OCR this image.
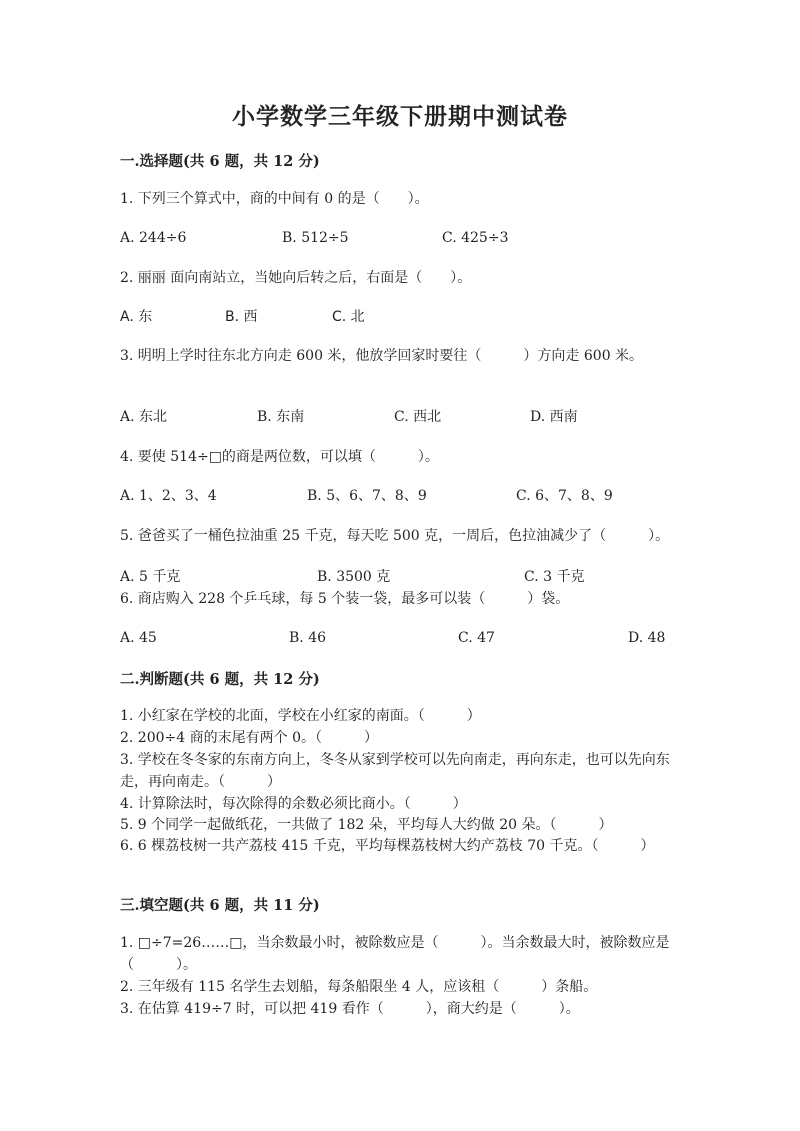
小学数学三年级下册期中测试卷
一.选择题(共 6 题，共 12 分)
1. 下列三个算式中，商的中间有 0 的是（　　）。
A. 244÷6	B. 512÷5	C. 425÷3
2. 丽丽 面向南站立，当她向后转之后，右面是（　　）。
A. 东	B. 西	C. 北
3. 明明上学时往东北方向走 600 米，他放学回家时要往（　　　）方向走 600 米。
A. 东北	B. 东南	C. 西北	D. 西南
4. 要使 514÷□的商是两位数，可以填（　　　）。
A. 1、2、3、4	B. 5、6、7、8、9	C. 6、7、8、9
5. 爸爸买了一桶色拉油重 25 千克，每天吃 500 克，一周后，色拉油减少了（　　　）。
A. 5 千克	B. 3500 克	C. 3 千克
6. 商店购入 228 个乒乓球，每 5 个装一袋，最多可以装（　　　）袋。
A. 45	B. 46	C. 47	D. 48
二.判断题(共 6 题，共 12 分)
1. 小红家在学校的北面，学校在小红家的南面。（　　　）
2. 200÷4 商的末尾有两个 0。（　　　）
3. 学校在冬冬家的东南方向上，冬冬从家到学校可以先向南走，再向东走，也可以先向东走，再向南走。（　　　）
4. 计算除法时，每次除得的余数必须比商小。（　　　）
5. 9 个同学一起做纸花，一共做了 182 朵，平均每人大约做 20 朵。（　　　）
6. 6 棵荔枝树一共产荔枝 415 千克，平均每棵荔枝树大约产荔枝 70 千克。（　　　）
三.填空题(共 6 题，共 11 分)
1. □÷7=26……□，当余数最小时，被除数应是（　　　）。当余数最大时，被除数应是（　　　）。
2. 三年级有 115 名学生去划船，每条船限坐 4 人，应该租（　　　）条船。
3. 在估算 419÷7 时，可以把 419 看作（　　　），商大约是（　　　）。
